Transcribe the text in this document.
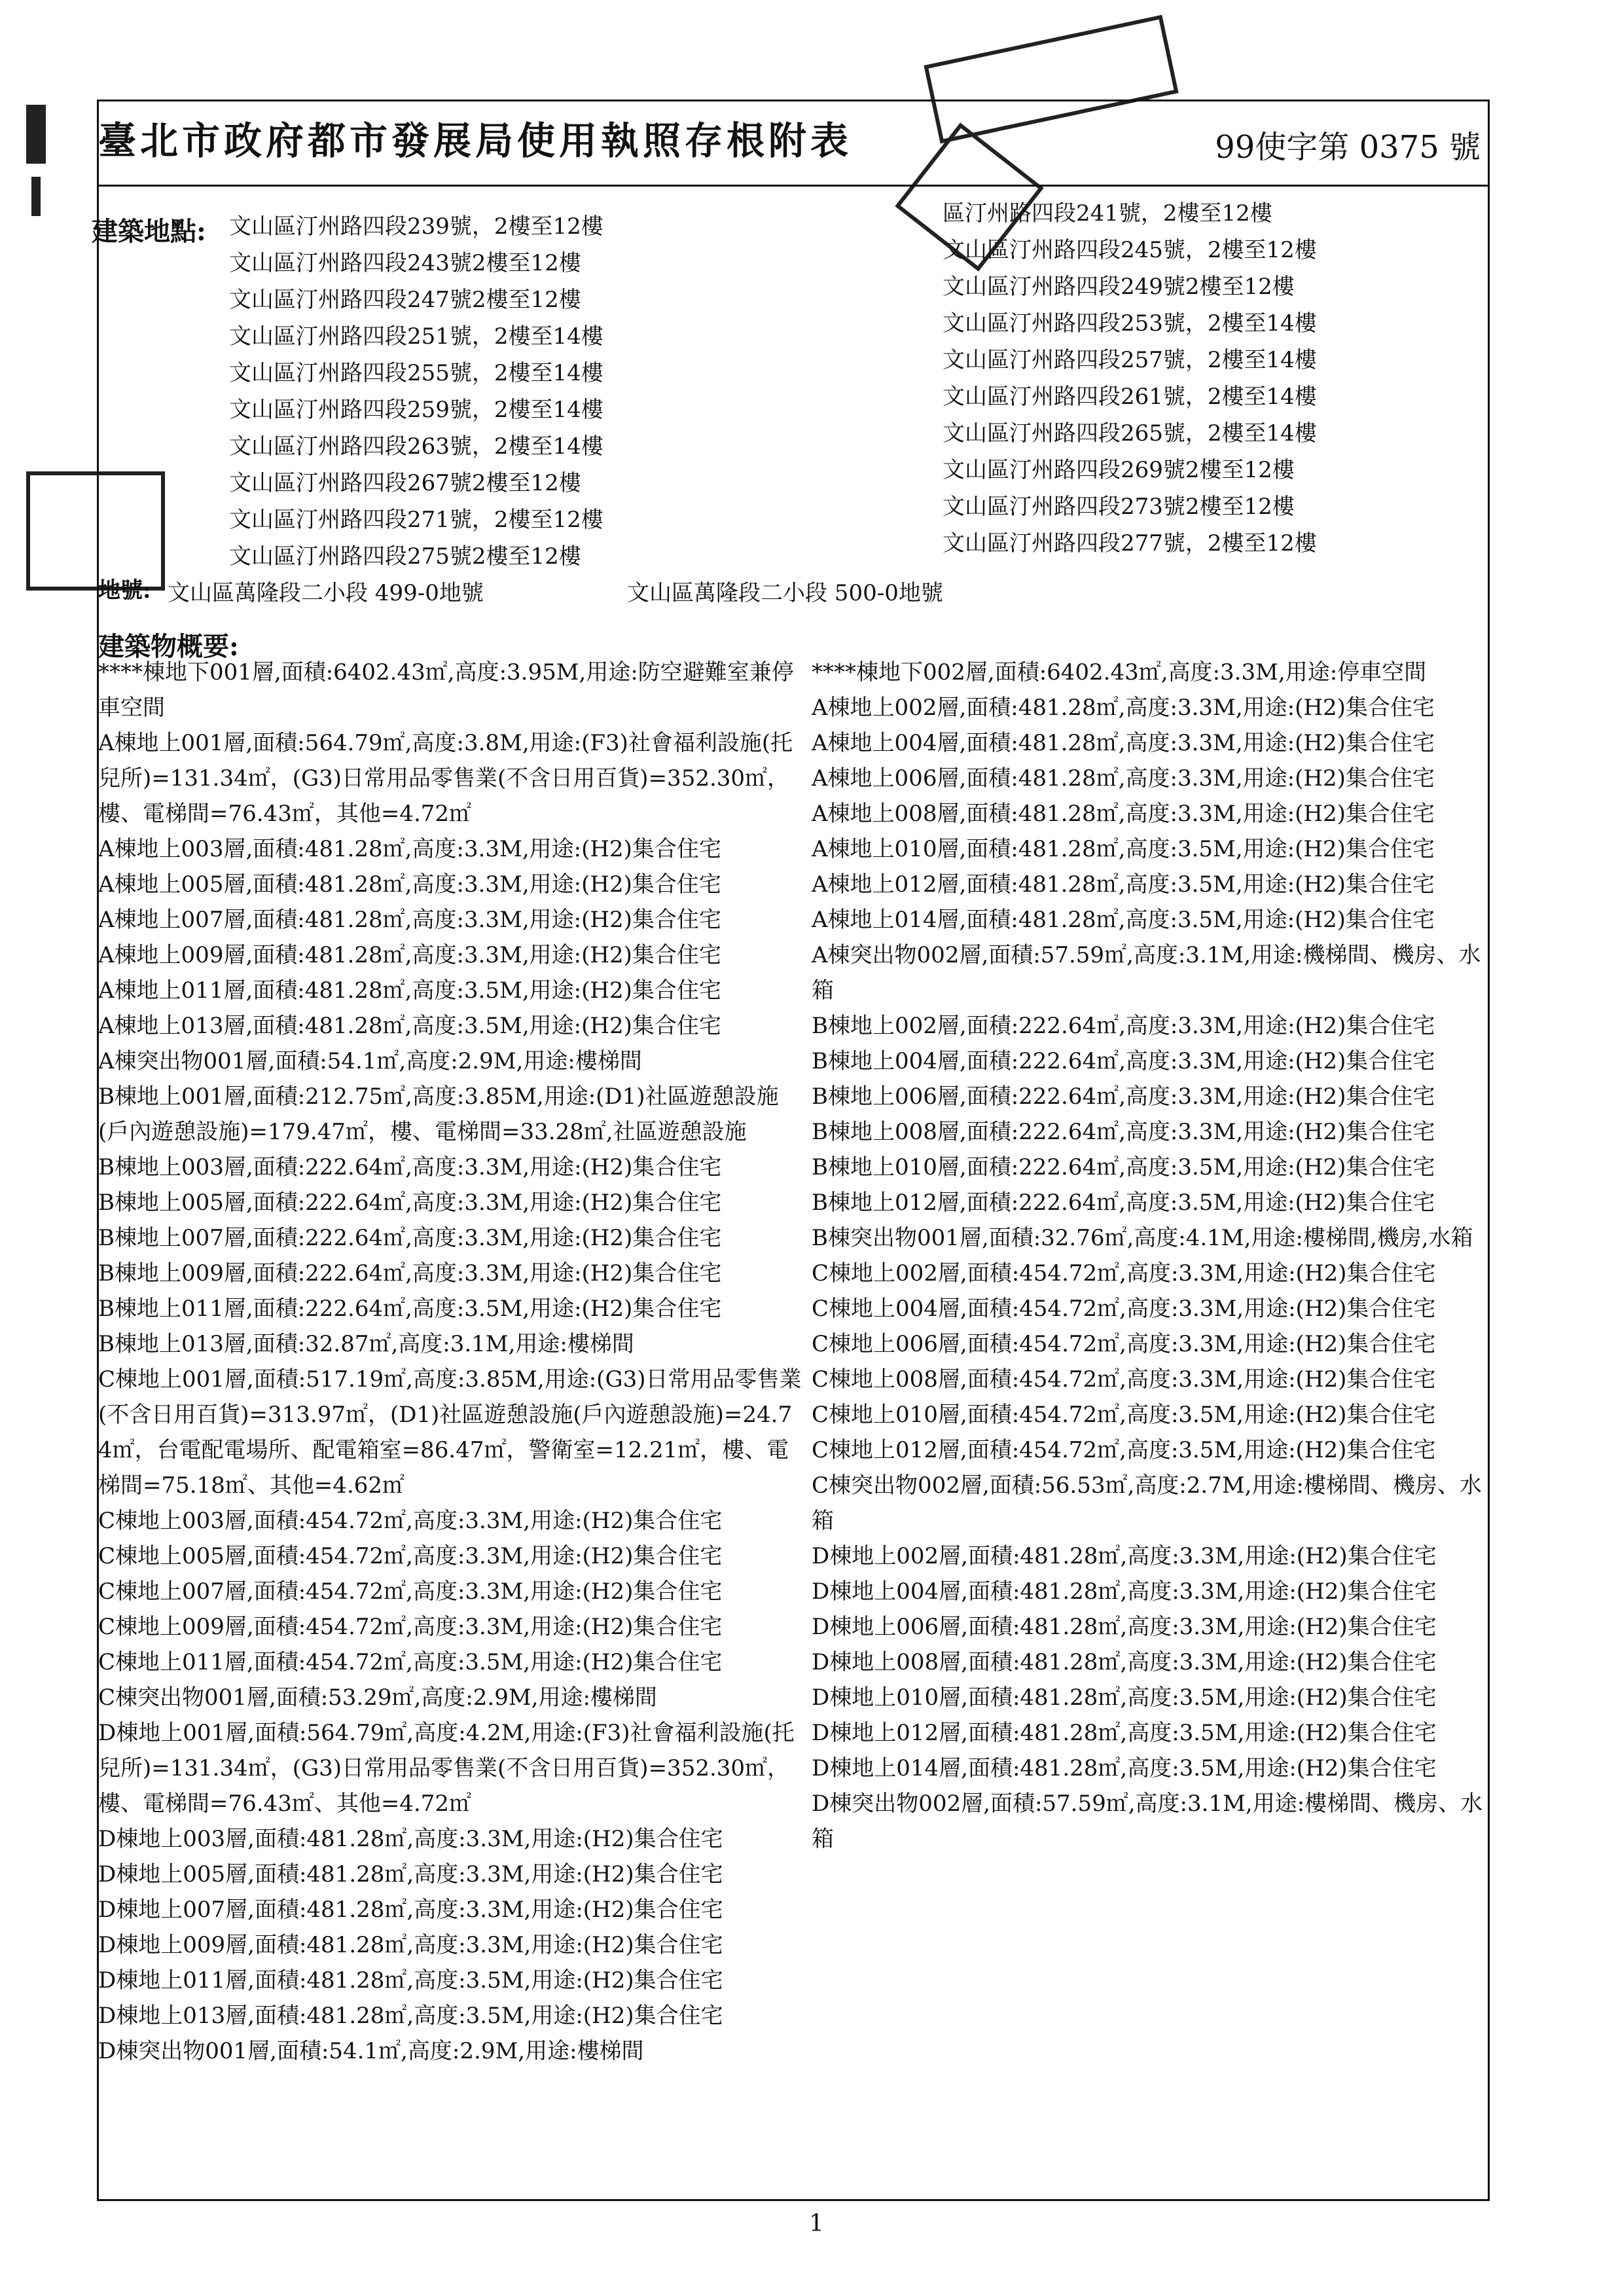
臺北市政府都市發展局使用執照存根附表	99使字第 0375 號
建築地點: 文山區汀州路四段239號，2樓至12樓
文山區汀州路四段243號2樓至12樓
文山區汀州路四段247號2樓至12樓
文山區汀州路四段251號，2樓至14樓
文山區汀州路四段255號，2樓至14樓
文山區汀州路四段259號，2樓至14樓
文山區汀州路四段263號，2樓至14樓
文山區汀州路四段267號2樓至12樓
文山區汀州路四段271號，2樓至12樓
文山區汀州路四段275號2樓至12樓
區汀州路四段241號，2樓至12樓
文山區汀州路四段245號，2樓至12樓
文山區汀州路四段249號2樓至12樓
文山區汀州路四段253號，2樓至14樓
文山區汀州路四段257號，2樓至14樓
文山區汀州路四段261號，2樓至14樓
文山區汀州路四段265號，2樓至14樓
文山區汀州路四段269號2樓至12樓
文山區汀州路四段273號2樓至12樓
文山區汀州路四段277號，2樓至12樓
地號: 文山區萬隆段二小段 499-0地號	文山區萬隆段二小段 500-0地號
建築物概要:
****棟地下001層,面積:6402.43㎡,高度:3.95M,用途:防空避難室兼停車空間
A棟地上001層,面積:564.79㎡,高度:3.8M,用途:(F3)社會福利設施(托兒所)=131.34㎡，(G3)日常用品零售業(不含日用百貨)=352.30㎡，樓、電梯間=76.43㎡，其他=4.72㎡
A棟地上003層,面積:481.28㎡,高度:3.3M,用途:(H2)集合住宅
A棟地上005層,面積:481.28㎡,高度:3.3M,用途:(H2)集合住宅
A棟地上007層,面積:481.28㎡,高度:3.3M,用途:(H2)集合住宅
A棟地上009層,面積:481.28㎡,高度:3.3M,用途:(H2)集合住宅
A棟地上011層,面積:481.28㎡,高度:3.5M,用途:(H2)集合住宅
A棟地上013層,面積:481.28㎡,高度:3.5M,用途:(H2)集合住宅
A棟突出物001層,面積:54.1㎡,高度:2.9M,用途:樓梯間
B棟地上001層,面積:212.75㎡,高度:3.85M,用途:(D1)社區遊憩設施(戶內遊憩設施)=179.47㎡，樓、電梯間=33.28㎡,社區遊憩設施
B棟地上003層,面積:222.64㎡,高度:3.3M,用途:(H2)集合住宅
B棟地上005層,面積:222.64㎡,高度:3.3M,用途:(H2)集合住宅
B棟地上007層,面積:222.64㎡,高度:3.3M,用途:(H2)集合住宅
B棟地上009層,面積:222.64㎡,高度:3.3M,用途:(H2)集合住宅
B棟地上011層,面積:222.64㎡,高度:3.5M,用途:(H2)集合住宅
B棟地上013層,面積:32.87㎡,高度:3.1M,用途:樓梯間
C棟地上001層,面積:517.19㎡,高度:3.85M,用途:(G3)日常用品零售業(不含日用百貨)=313.97㎡，(D1)社區遊憩設施(戶內遊憩設施)=24.74㎡，台電配電場所、配電箱室=86.47㎡，警衛室=12.21㎡，樓、電梯間=75.18㎡、其他=4.62㎡
C棟地上003層,面積:454.72㎡,高度:3.3M,用途:(H2)集合住宅
C棟地上005層,面積:454.72㎡,高度:3.3M,用途:(H2)集合住宅
C棟地上007層,面積:454.72㎡,高度:3.3M,用途:(H2)集合住宅
C棟地上009層,面積:454.72㎡,高度:3.3M,用途:(H2)集合住宅
C棟地上011層,面積:454.72㎡,高度:3.5M,用途:(H2)集合住宅
C棟突出物001層,面積:53.29㎡,高度:2.9M,用途:樓梯間
D棟地上001層,面積:564.79㎡,高度:4.2M,用途:(F3)社會福利設施(托兒所)=131.34㎡，(G3)日常用品零售業(不含日用百貨)=352.30㎡，樓、電梯間=76.43㎡、其他=4.72㎡
D棟地上003層,面積:481.28㎡,高度:3.3M,用途:(H2)集合住宅
D棟地上005層,面積:481.28㎡,高度:3.3M,用途:(H2)集合住宅
D棟地上007層,面積:481.28㎡,高度:3.3M,用途:(H2)集合住宅
D棟地上009層,面積:481.28㎡,高度:3.3M,用途:(H2)集合住宅
D棟地上011層,面積:481.28㎡,高度:3.5M,用途:(H2)集合住宅
D棟地上013層,面積:481.28㎡,高度:3.5M,用途:(H2)集合住宅
D棟突出物001層,面積:54.1㎡,高度:2.9M,用途:樓梯間
****棟地下002層,面積:6402.43㎡,高度:3.3M,用途:停車空間
A棟地上002層,面積:481.28㎡,高度:3.3M,用途:(H2)集合住宅
A棟地上004層,面積:481.28㎡,高度:3.3M,用途:(H2)集合住宅
A棟地上006層,面積:481.28㎡,高度:3.3M,用途:(H2)集合住宅
A棟地上008層,面積:481.28㎡,高度:3.3M,用途:(H2)集合住宅
A棟地上010層,面積:481.28㎡,高度:3.5M,用途:(H2)集合住宅
A棟地上012層,面積:481.28㎡,高度:3.5M,用途:(H2)集合住宅
A棟地上014層,面積:481.28㎡,高度:3.5M,用途:(H2)集合住宅
A棟突出物002層,面積:57.59㎡,高度:3.1M,用途:機梯間、機房、水箱
B棟地上002層,面積:222.64㎡,高度:3.3M,用途:(H2)集合住宅
B棟地上004層,面積:222.64㎡,高度:3.3M,用途:(H2)集合住宅
B棟地上006層,面積:222.64㎡,高度:3.3M,用途:(H2)集合住宅
B棟地上008層,面積:222.64㎡,高度:3.3M,用途:(H2)集合住宅
B棟地上010層,面積:222.64㎡,高度:3.5M,用途:(H2)集合住宅
B棟地上012層,面積:222.64㎡,高度:3.5M,用途:(H2)集合住宅
B棟突出物001層,面積:32.76㎡,高度:4.1M,用途:樓梯間,機房,水箱
C棟地上002層,面積:454.72㎡,高度:3.3M,用途:(H2)集合住宅
C棟地上004層,面積:454.72㎡,高度:3.3M,用途:(H2)集合住宅
C棟地上006層,面積:454.72㎡,高度:3.3M,用途:(H2)集合住宅
C棟地上008層,面積:454.72㎡,高度:3.3M,用途:(H2)集合住宅
C棟地上010層,面積:454.72㎡,高度:3.5M,用途:(H2)集合住宅
C棟地上012層,面積:454.72㎡,高度:3.5M,用途:(H2)集合住宅
C棟突出物002層,面積:56.53㎡,高度:2.7M,用途:樓梯間、機房、水箱
D棟地上002層,面積:481.28㎡,高度:3.3M,用途:(H2)集合住宅
D棟地上004層,面積:481.28㎡,高度:3.3M,用途:(H2)集合住宅
D棟地上006層,面積:481.28㎡,高度:3.3M,用途:(H2)集合住宅
D棟地上008層,面積:481.28㎡,高度:3.3M,用途:(H2)集合住宅
D棟地上010層,面積:481.28㎡,高度:3.5M,用途:(H2)集合住宅
D棟地上012層,面積:481.28㎡,高度:3.5M,用途:(H2)集合住宅
D棟地上014層,面積:481.28㎡,高度:3.5M,用途:(H2)集合住宅
D棟突出物002層,面積:57.59㎡,高度:3.1M,用途:樓梯間、機房、水箱
1
